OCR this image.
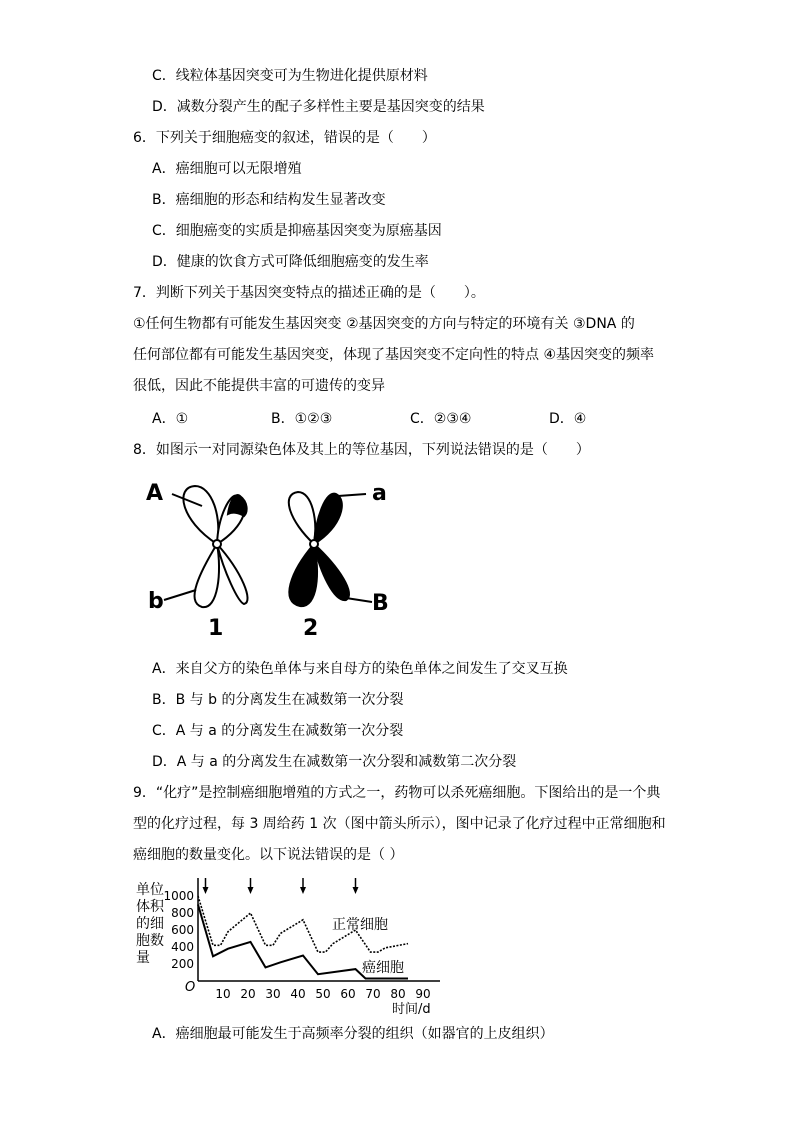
C．线粒体基因突变可为生物进化提供原材料
D．减数分裂产生的配子多样性主要是基因突变的结果
6．下列关于细胞癌变的叙述，错误的是（　　）
A．癌细胞可以无限增殖
B．癌细胞的形态和结构发生显著改变
C．细胞癌变的实质是抑癌基因突变为原癌基因
D．健康的饮食方式可降低细胞癌变的发生率
7．判断下列关于基因突变特点的描述正确的是（　　）。
①任何生物都有可能发生基因突变 ②基因突变的方向与特定的环境有关 ③DNA 的
任何部位都有可能发生基因突变，体现了基因突变不定向性的特点 ④基因突变的频率
很低，因此不能提供丰富的可遗传的变异
A．①	B．①②③	C．②③④	D．④
8．如图示一对同源染色体及其上的等位基因，下列说法错误的是（　　）
A
b
1
a
B
2
A．来自父方的染色单体与来自母方的染色单体之间发生了交叉互换
B．B 与 b 的分离发生在减数第一次分裂
C．A 与 a 的分离发生在减数第一次分裂
D．A 与 a 的分离发生在减数第一次分裂和减数第二次分裂
9．“化疗”是控制癌细胞增殖的方式之一，药物可以杀死癌细胞。下图给出的是一个典
型的化疗过程，每 3 周给药 1 次（图中箭头所示），图中记录了化疗过程中正常细胞和
癌细胞的数量变化。以下说法错误的是（ ）
单位
体积
的细
胞数
量 200
400
600
800
1000
10 20 30 40 50 60 70 80 90
O
时间/d
正常细胞
癌细胞
A．癌细胞最可能发生于高频率分裂的组织（如器官的上皮组织）
